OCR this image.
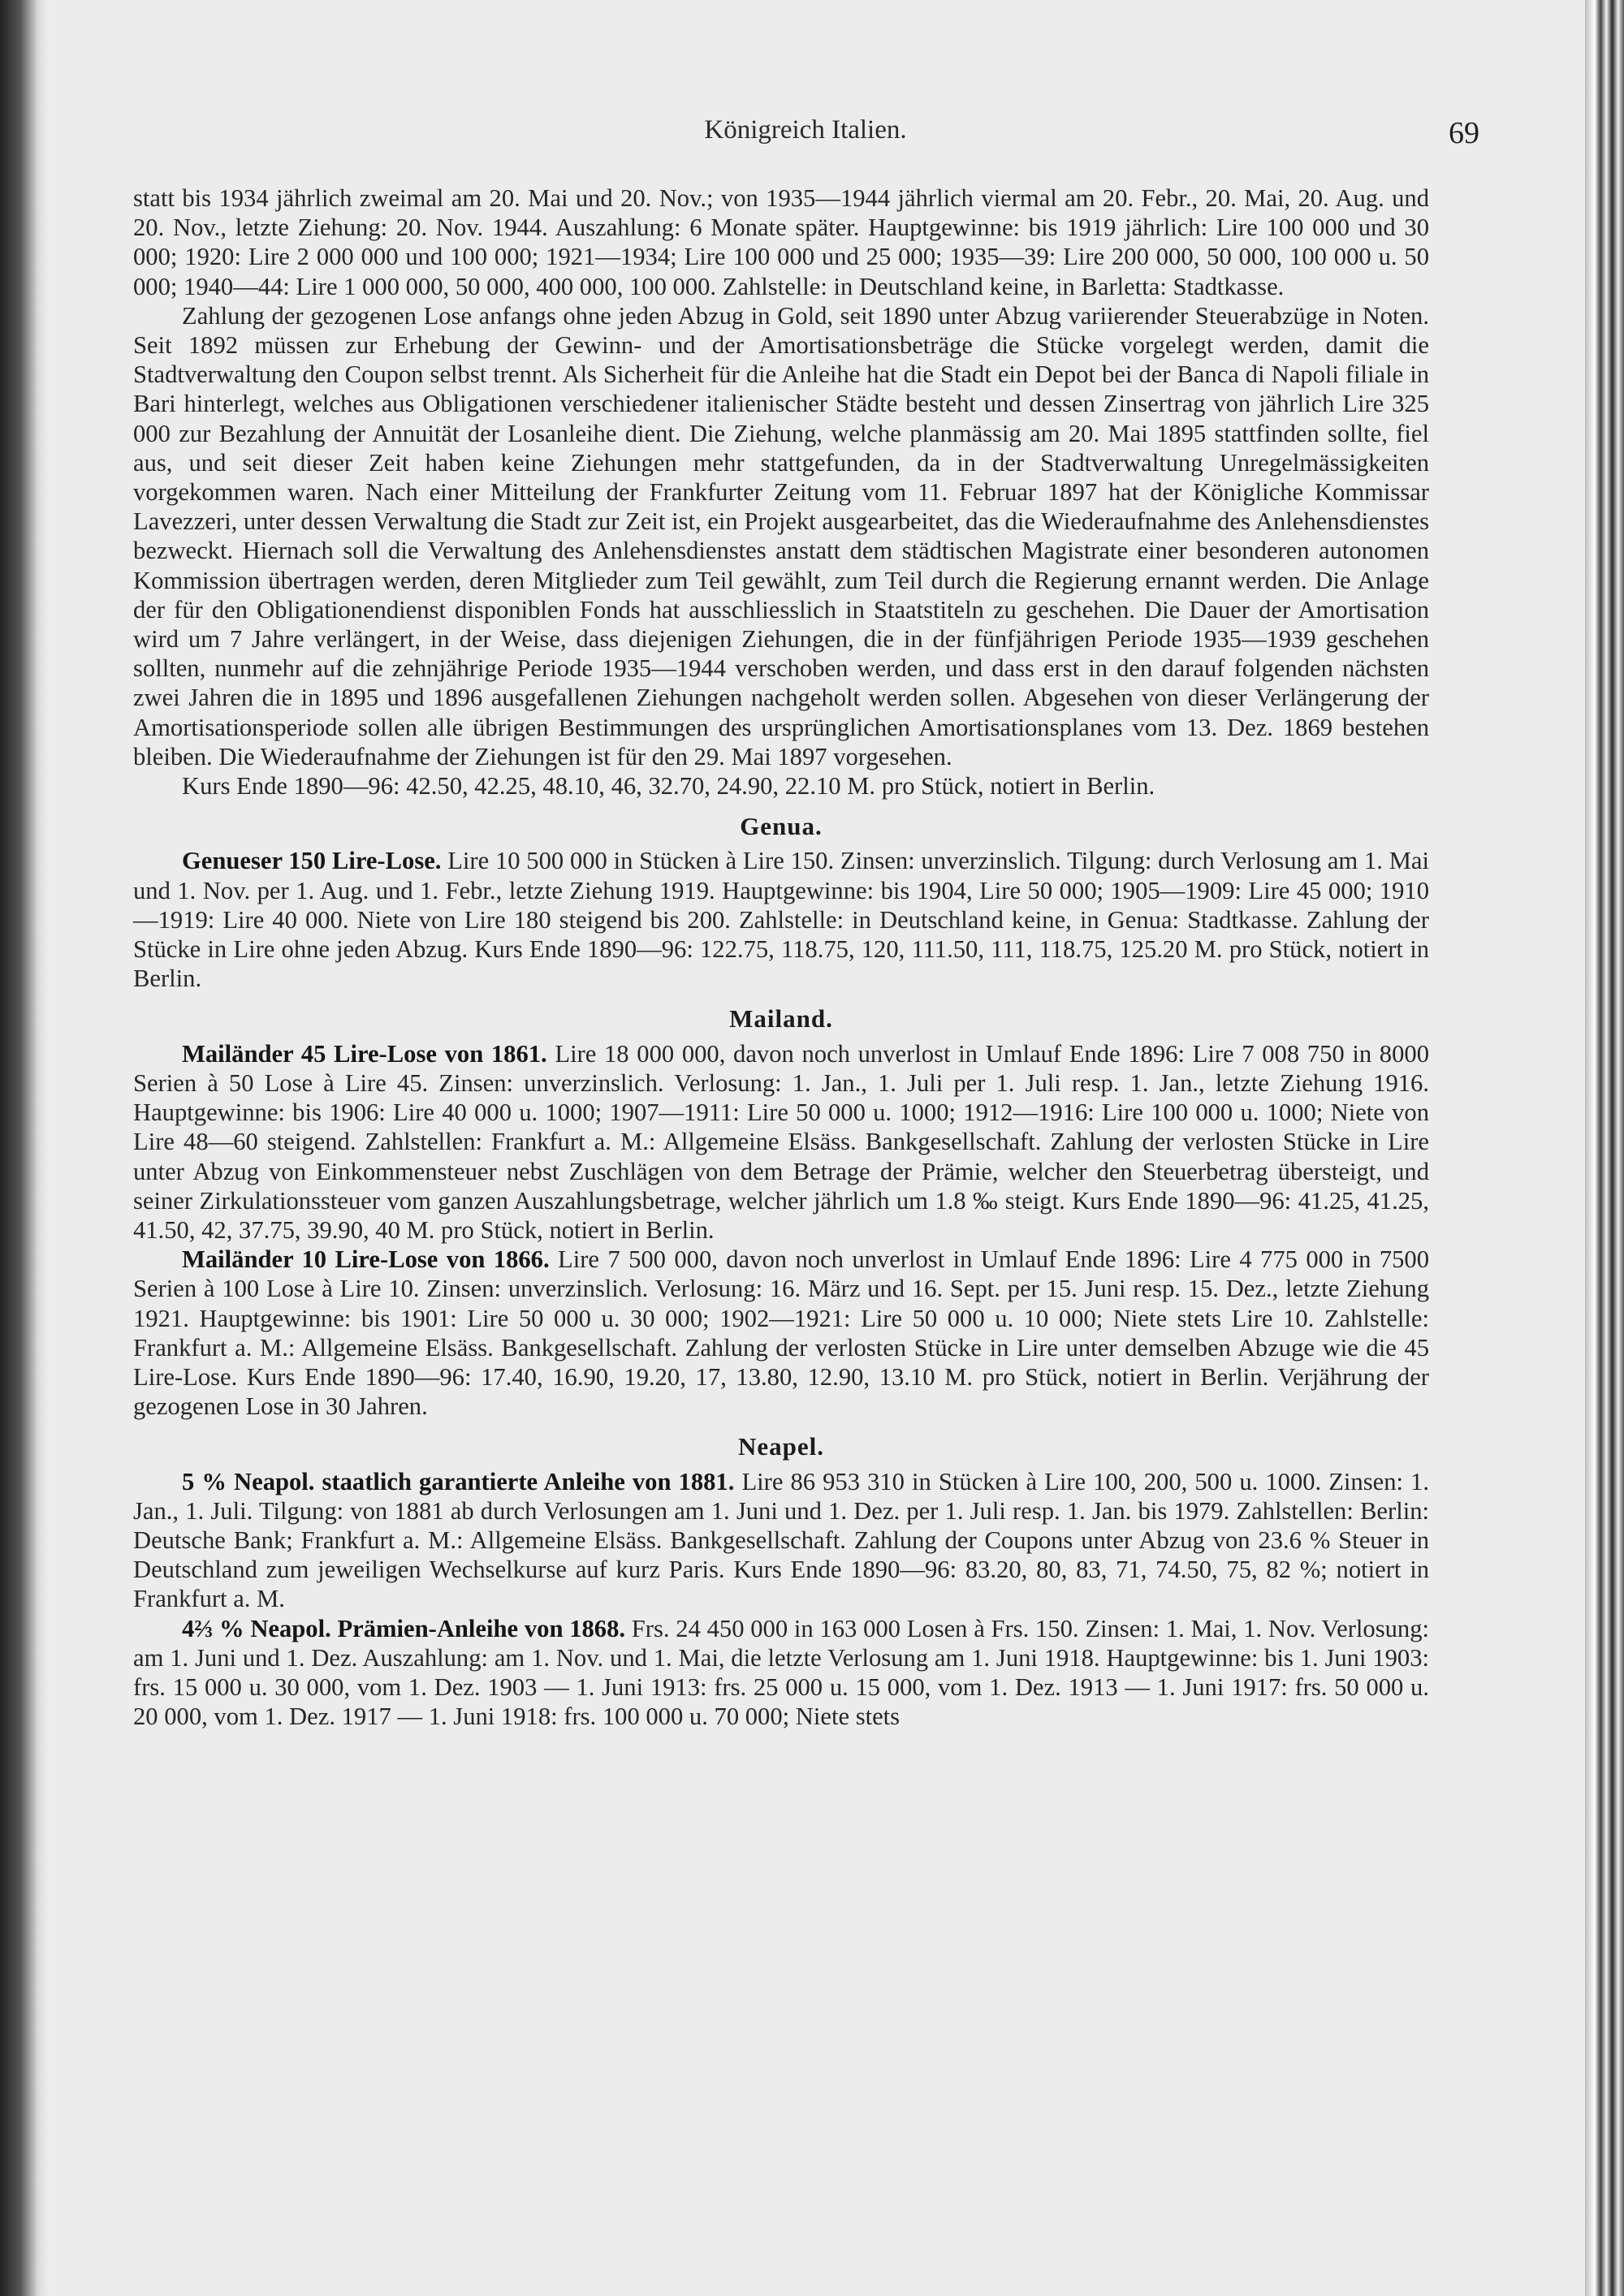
Königreich Italien.	69

statt bis 1934 jährlich zweimal am 20. Mai und 20. Nov.; von 1935—1944 jährlich viermal am 20. Febr., 20. Mai, 20. Aug. und 20. Nov., letzte Ziehung: 20. Nov. 1944. Auszahlung: 6 Monate später. Hauptgewinne: bis 1919 jährlich: Lire 100 000 und 30 000; 1920: Lire 2 000 000 und 100 000; 1921—1934; Lire 100 000 und 25 000; 1935—39: Lire 200 000, 50 000, 100 000 u. 50 000; 1940—44: Lire 1 000 000, 50 000, 400 000, 100 000. Zahlstelle: in Deutschland keine, in Barletta: Stadtkasse.

Zahlung der gezogenen Lose anfangs ohne jeden Abzug in Gold, seit 1890 unter Abzug variierender Steuerabzüge in Noten. Seit 1892 müssen zur Erhebung der Gewinn- und der Amortisationsbeträge die Stücke vorgelegt werden, damit die Stadtverwaltung den Coupon selbst trennt. Als Sicherheit für die Anleihe hat die Stadt ein Depot bei der Banca di Napoli filiale in Bari hinterlegt, welches aus Obligationen verschiedener italienischer Städte besteht und dessen Zinsertrag von jährlich Lire 325 000 zur Bezahlung der Annuität der Losanleihe dient. Die Ziehung, welche planmässig am 20. Mai 1895 stattfinden sollte, fiel aus, und seit dieser Zeit haben keine Ziehungen mehr stattgefunden, da in der Stadtverwaltung Unregelmässigkeiten vorgekommen waren. Nach einer Mitteilung der Frankfurter Zeitung vom 11. Februar 1897 hat der Königliche Kommissar Lavezzeri, unter dessen Verwaltung die Stadt zur Zeit ist, ein Projekt ausgearbeitet, das die Wiederaufnahme des Anlehensdienstes bezweckt. Hiernach soll die Verwaltung des Anlehensdienstes anstatt dem städtischen Magistrate einer besonderen autonomen Kommission übertragen werden, deren Mitglieder zum Teil gewählt, zum Teil durch die Regierung ernannt werden. Die Anlage der für den Obligationendienst disponiblen Fonds hat ausschliesslich in Staatstiteln zu geschehen. Die Dauer der Amortisation wird um 7 Jahre verlängert, in der Weise, dass diejenigen Ziehungen, die in der fünfjährigen Periode 1935—1939 geschehen sollten, nunmehr auf die zehnjährige Periode 1935—1944 verschoben werden, und dass erst in den darauf folgenden nächsten zwei Jahren die in 1895 und 1896 ausgefallenen Ziehungen nachgeholt werden sollen. Abgesehen von dieser Verlängerung der Amortisationsperiode sollen alle übrigen Bestimmungen des ursprünglichen Amortisationsplanes vom 13. Dez. 1869 bestehen bleiben. Die Wiederaufnahme der Ziehungen ist für den 29. Mai 1897 vorgesehen.

Kurs Ende 1890—96: 42.50, 42.25, 48.10, 46, 32.70, 24.90, 22.10 M. pro Stück, notiert in Berlin.

Genua.

Genueser 150 Lire-Lose. Lire 10 500 000 in Stücken à Lire 150. Zinsen: unverzinslich. Tilgung: durch Verlosung am 1. Mai und 1. Nov. per 1. Aug. und 1. Febr., letzte Ziehung 1919. Hauptgewinne: bis 1904, Lire 50 000; 1905—1909: Lire 45 000; 1910—1919: Lire 40 000. Niete von Lire 180 steigend bis 200. Zahlstelle: in Deutschland keine, in Genua: Stadtkasse. Zahlung der Stücke in Lire ohne jeden Abzug. Kurs Ende 1890—96: 122.75, 118.75, 120, 111.50, 111, 118.75, 125.20 M. pro Stück, notiert in Berlin.

Mailand.

Mailänder 45 Lire-Lose von 1861. Lire 18 000 000, davon noch unverlost in Umlauf Ende 1896: Lire 7 008 750 in 8000 Serien à 50 Lose à Lire 45. Zinsen: unverzinslich. Verlosung: 1. Jan., 1. Juli per 1. Juli resp. 1. Jan., letzte Ziehung 1916. Hauptgewinne: bis 1906: Lire 40 000 u. 1000; 1907—1911: Lire 50 000 u. 1000; 1912—1916: Lire 100 000 u. 1000; Niete von Lire 48—60 steigend. Zahlstellen: Frankfurt a. M.: Allgemeine Elsäss. Bankgesellschaft. Zahlung der verlosten Stücke in Lire unter Abzug von Einkommensteuer nebst Zuschlägen von dem Betrage der Prämie, welcher den Steuerbetrag übersteigt, und seiner Zirkulationssteuer vom ganzen Auszahlungsbetrage, welcher jährlich um 1.8 ‰ steigt. Kurs Ende 1890—96: 41.25, 41.25, 41.50, 42, 37.75, 39.90, 40 M. pro Stück, notiert in Berlin.

Mailänder 10 Lire-Lose von 1866. Lire 7 500 000, davon noch unverlost in Umlauf Ende 1896: Lire 4 775 000 in 7500 Serien à 100 Lose à Lire 10. Zinsen: unverzinslich. Verlosung: 16. März und 16. Sept. per 15. Juni resp. 15. Dez., letzte Ziehung 1921. Hauptgewinne: bis 1901: Lire 50 000 u. 30 000; 1902—1921: Lire 50 000 u. 10 000; Niete stets Lire 10. Zahlstelle: Frankfurt a. M.: Allgemeine Elsäss. Bankgesellschaft. Zahlung der verlosten Stücke in Lire unter demselben Abzuge wie die 45 Lire-Lose. Kurs Ende 1890—96: 17.40, 16.90, 19.20, 17, 13.80, 12.90, 13.10 M. pro Stück, notiert in Berlin. Verjährung der gezogenen Lose in 30 Jahren.

Neapel.

5 % Neapol. staatlich garantierte Anleihe von 1881. Lire 86 953 310 in Stücken à Lire 100, 200, 500 u. 1000. Zinsen: 1. Jan., 1. Juli. Tilgung: von 1881 ab durch Verlosungen am 1. Juni und 1. Dez. per 1. Juli resp. 1. Jan. bis 1979. Zahlstellen: Berlin: Deutsche Bank; Frankfurt a. M.: Allgemeine Elsäss. Bankgesellschaft. Zahlung der Coupons unter Abzug von 23.6 % Steuer in Deutschland zum jeweiligen Wechselkurse auf kurz Paris. Kurs Ende 1890—96: 83.20, 80, 83, 71, 74.50, 75, 82 %; notiert in Frankfurt a. M.

4⅔ % Neapol. Prämien-Anleihe von 1868. Frs. 24 450 000 in 163 000 Losen à Frs. 150. Zinsen: 1. Mai, 1. Nov. Verlosung: am 1. Juni und 1. Dez. Auszahlung: am 1. Nov. und 1. Mai, die letzte Verlosung am 1. Juni 1918. Hauptgewinne: bis 1. Juni 1903: frs. 15 000 u. 30 000, vom 1. Dez. 1903 — 1. Juni 1913: frs. 25 000 u. 15 000, vom 1. Dez. 1913 — 1. Juni 1917: frs. 50 000 u. 20 000, vom 1. Dez. 1917 — 1. Juni 1918: frs. 100 000 u. 70 000; Niete stets
